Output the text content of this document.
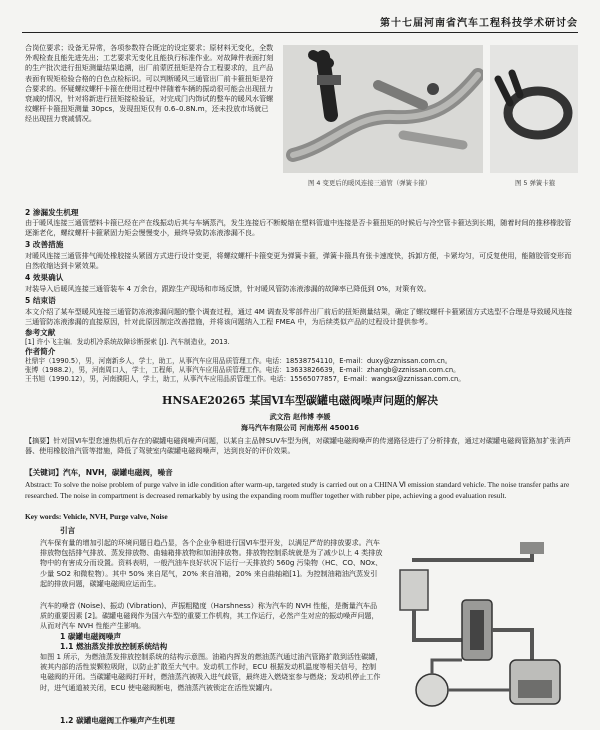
第十七届河南省汽车工程科技学术研讨会

合岗位要求；设备无异常，各项参数符合既定的设定要求；原材料无变化，全数外观检查且能先进先出；工艺要求无变化且能执行标准作业。对故障件表面打刻的生产批次进行扭矩测量结果追溯，出厂前蒙匠扭矩是符合工程要求的，且产品表面有规矩检验合格的白色点检标识。可以判断暖风三通管出厂前卡箍扭矩是符合要求的。怀疑螺纹螺杆卡箍在使用过程中伴随着车辆的振动很可能会出现扭力衰减的情况，针对将新进行扭矩接检验证，对完成门内饰试的整车的暖风水管螺纹螺杆卡箍扭矩测量 30pcs，发现扭矩仅有 0.6–0.8N.m，还未投放市场就已经出现扭力衰减情况。

2 渗漏发生机理
图 4 变更后的暖风连接三通管（弹簧卡箍）	图 5 弹簧卡箍

由于暖风连接三通管塑料卡箍已经在产在线振动后其与车辆蒸汽，发生连接后不断蜕缩在塑料管道中连接是否卡箍扭矩的时候后与冷空管卡箍达到长期，随着时间的推移橡胶管逐渐老化，螺纹螺杆卡箍紧固力矩会慢慢变小，最终导致防冻液渗漏不良。

3 改善措施

对暖风连接三通管排气阀处橡胶接头紧固方式进行设计变更，将螺纹螺杆卡箍变更为弹簧卡箍，弹簧卡箍具有张卡速度快，拆卸方便，卡紧均匀，可反复使用，能随胶管变形而自然收缩达到卡紧效果。

4 效果确认

对装导入后暖风连接三通管装车 4 万余台，跟踪生产现场和市场反馈，针对暖风管防冻液渗漏的故障率已降低到 0%，对策有效。

5 结束语

本文介绍了某车型暖风连接三通管防冻液渗漏问题的整个调查过程，通过 4M 调查及零部件出厂前后的扭矩测量结果，确定了螺纹螺杆卡箍紧固方式选型不合理是导致暖风连接三通管防冻液渗漏的直接原因，针对此原因制定改善措施，并将该问题纳入工程 FMEA 中，为后续类似产品的过程设计提供参考。

参考文献

[1] 许小飞主编．发动机冷系统故障诊断探索 [J]. 汽车制造业，2013.

作者简介

杜鼎宇（1990.5），男，河南新乡人，学士，助工，从事汽车应用品质管理工作。电话：18538754110，E-mail：duxy@zznissan.com.cn。

张博（1988.2），男，河南周口人，学士，工程师，从事汽车应用品质管理工作。电话：13633826639，E-mail：zhangb@zznissan.com.cn。

王书旭（1990.12），男，河南濮阳人，学士，助工，从事汽车应用品质管理工作。电话：15565077857，E-mail：wangsx@zznissan.com.cn。

HNSAE20265 某国Ⅵ车型碳罐电磁阀噪声问题的解决
武文浩 赵伟博 李媛
海马汽车有限公司 河南郑州 450016

【摘要】针对国Ⅵ车型怠速热机后存在的碳罐电磁阀噪声问题，以某自主品牌SUV车型为例，对碳罐电磁阀噪声的传递路径进行了分析排查，通过对碳罐电磁阀管路加扩张消声器、使用橡胶油汽管等措施，降低了驾驶室内碳罐电磁阀噪声，达到良好的评价效果。

【关键词】汽车，NVH，碳罐电磁阀，噪音

Abstract: To solve the noise problem of purge valve in idle condition after warm-up, targeted study is carried out on a CHINA Ⅵ emission standard vehicle. The noise transfer paths are researched. The noise in compartment is decreased remarkably by using the expanding room muffler together with rubber pipe, achieving a good evaluation result.

Key words: Vehicle, NVH, Purge valve, Noise
引言

汽车保有量的增加引起的环境问题日趋凸显，各个企业争相进行国Ⅵ车型开发，以满足严苛的排放要求。汽车排放物包括排气排放、蒸发排放物、曲轴箱排放物和加油排放物。排放物控制系统就是为了减少以上 4 类排放物中的有害成分而设置。资料表明，一般汽油车良好状况下运行一天排放约 560g 污染物（HC、CO、NOx、少量 SO2 和微粒物）。其中 50% 来自尾气，20% 来自油箱，20% 来自曲轴箱[1]。为控制油箱油汽蒸发引起的排放问题，碳罐电磁阀应运而生。

汽车的噪音 (Noise)、振动 (Vibration)、声振粗糙度（Harshness）称为汽车的 NVH 性能，是衡量汽车品质的重要因素 [2]。碳罐电磁阀作为国六车型的重要工作机构，其工作运行，必然产生对应的振动噪声问题，从而对汽车 NVH 性能产生影响。

1 碳罐电磁阀噪声
1.1 燃油蒸发排放控制系统结构

如图 1 所示，为燃油蒸发排放控制系统的结构示意图。油箱内挥发的燃油蒸汽通过油汽管路扩散到活性碳罐，被其内部的活性炭颗粒吸附，以防止扩散至大气中。发动机工作时，ECU 根据发动机温度等相关信号，控制电磁阀的开闭。当碳罐电磁阀打开时，燃油蒸汽被吸入进气歧管，最终进入燃烧室参与燃烧；发动机停止工作时，进气通道被关闭，ECU 使电磁阀断电，燃油蒸汽被锁定在活性炭罐内。

1.2 碳罐电磁阀工作噪声产生机理
